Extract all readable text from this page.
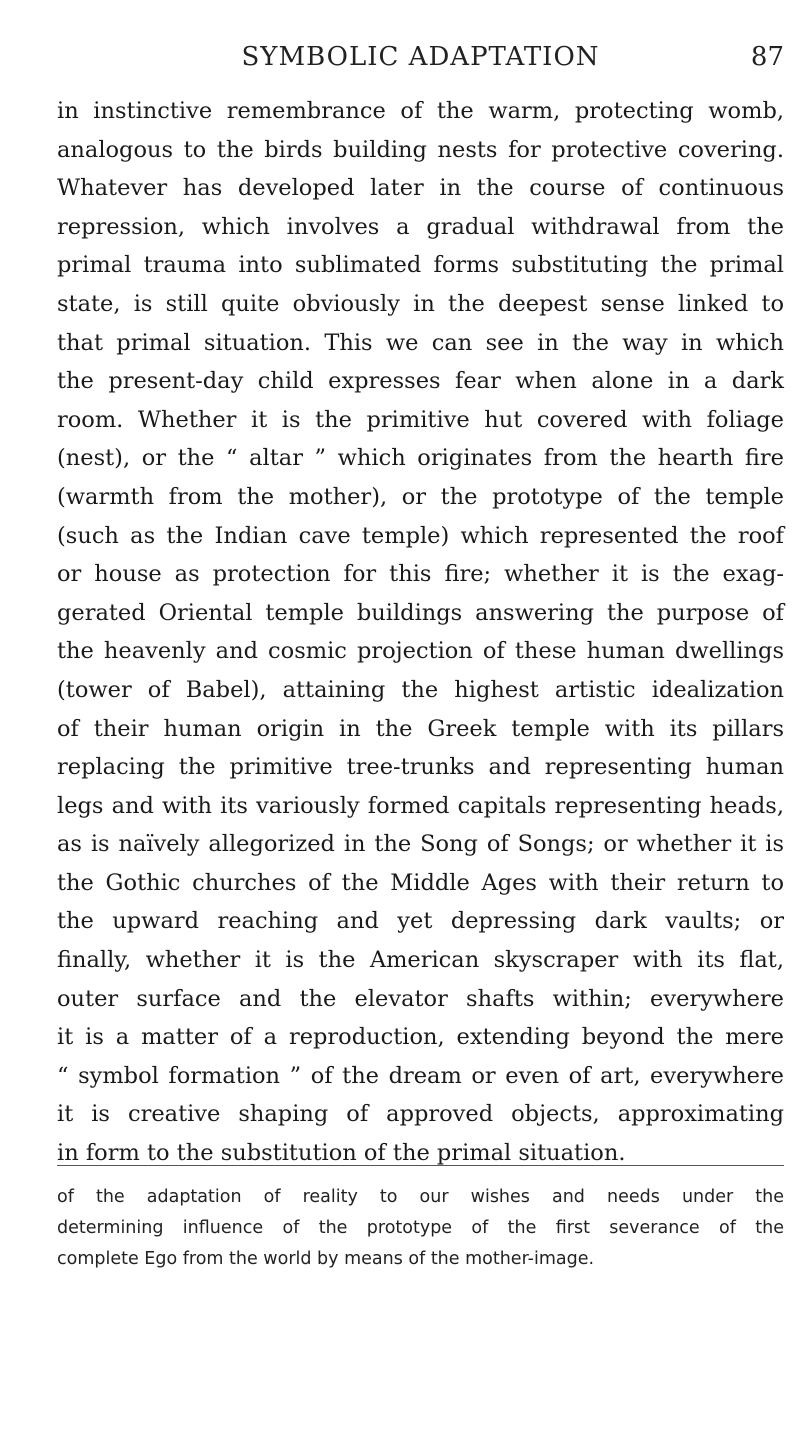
SYMBOLIC ADAPTATION	87
in instinctive remembrance of the warm, protecting womb,
analogous to the birds building nests for protective covering.
Whatever has developed later in the course of continuous
repression, which involves a gradual withdrawal from the
primal trauma into sublimated forms substituting the primal
state, is still quite obviously in the deepest sense linked to
that primal situation. This we can see in the way in which
the present-day child expresses fear when alone in a dark
room. Whether it is the primitive hut covered with foliage
(nest), or the “ altar ” which originates from the hearth fire
(warmth from the mother), or the prototype of the temple
(such as the Indian cave temple) which represented the roof
or house as protection for this fire; whether it is the exag-
gerated Oriental temple buildings answering the purpose of
the heavenly and cosmic projection of these human dwellings
(tower of Babel), attaining the highest artistic idealization
of their human origin in the Greek temple with its pillars
replacing the primitive tree-trunks and representing human
legs and with its variously formed capitals representing heads,
as is naïvely allegorized in the Song of Songs; or whether it is
the Gothic churches of the Middle Ages with their return to
the upward reaching and yet depressing dark vaults; or
finally, whether it is the American skyscraper with its flat,
outer surface and the elevator shafts within; everywhere
it is a matter of a reproduction, extending beyond the mere
“ symbol formation ” of the dream or even of art, everywhere
it is creative shaping of approved objects, approximating
in form to the substitution of the primal situation.
of the adaptation of reality to our wishes and needs under the
determining influence of the prototype of the first severance of the
complete Ego from the world by means of the mother-image.
